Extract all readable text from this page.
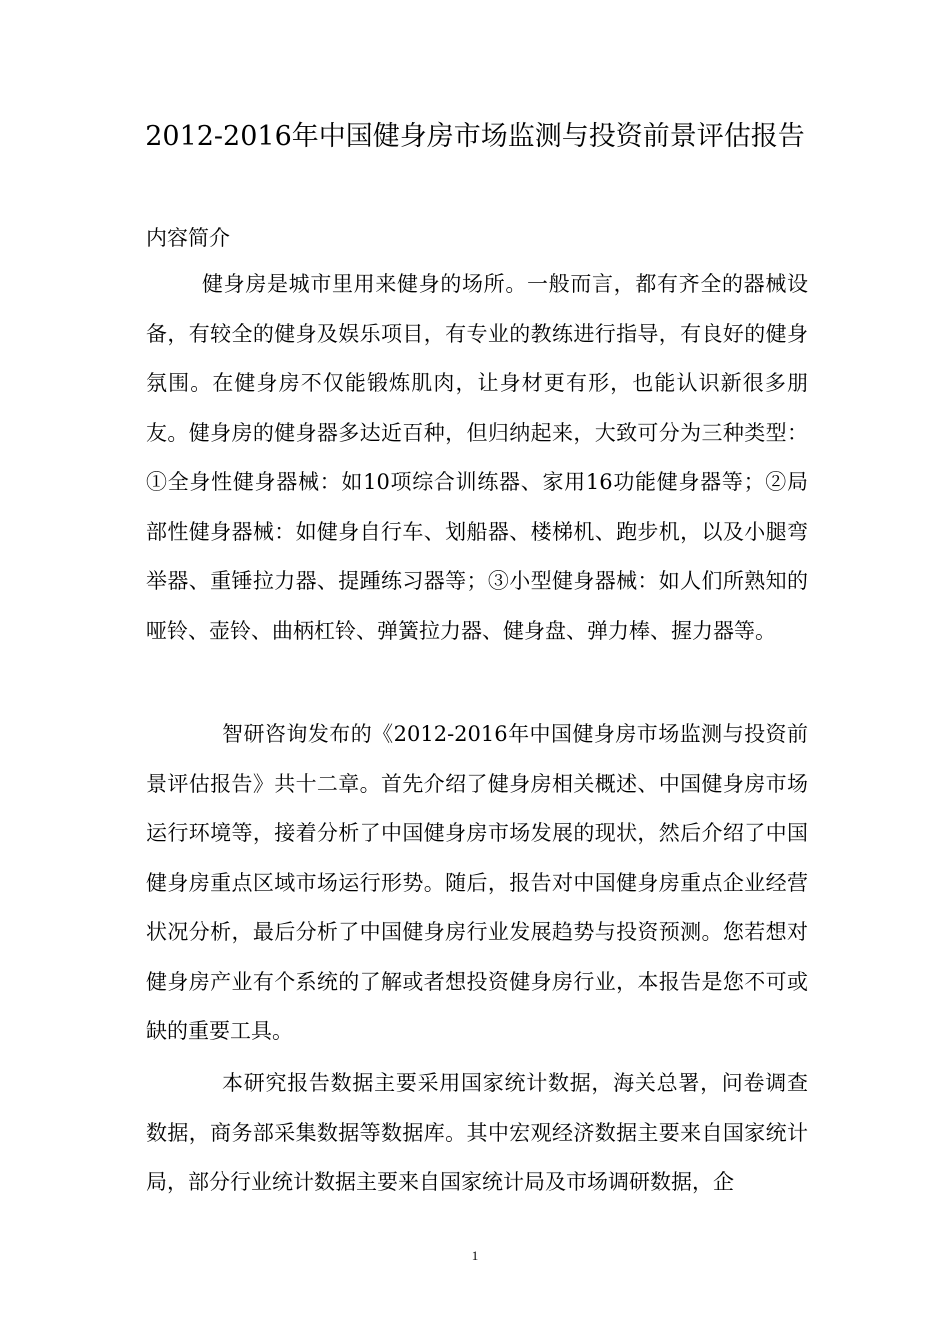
2012-2016年中国健身房市场监测与投资前景评估报告
内容简介

健身房是城市里用来健身的场所。一般而言，都有齐全的器械设备，有较全的健身及娱乐项目，有专业的教练进行指导，有良好的健身氛围。在健身房不仅能锻炼肌肉，让身材更有形，也能认识新很多朋友。健身房的健身器多达近百种，但归纳起来，大致可分为三种类型：①全身性健身器械：如10项综合训练器、家用16功能健身器等；②局部性健身器械：如健身自行车、划船器、楼梯机、跑步机，以及小腿弯举器、重锤拉力器、提踵练习器等；③小型健身器械：如人们所熟知的哑铃、壶铃、曲柄杠铃、弹簧拉力器、健身盘、弹力棒、握力器等。

智研咨询发布的《2012-2016年中国健身房市场监测与投资前景评估报告》共十二章。首先介绍了健身房相关概述、中国健身房市场运行环境等，接着分析了中国健身房市场发展的现状，然后介绍了中国健身房重点区域市场运行形势。随后，报告对中国健身房重点企业经营状况分析，最后分析了中国健身房行业发展趋势与投资预测。您若想对健身房产业有个系统的了解或者想投资健身房行业，本报告是您不可或缺的重要工具。

本研究报告数据主要采用国家统计数据，海关总署，问卷调查数据，商务部采集数据等数据库。其中宏观经济数据主要来自国家统计局，部分行业统计数据主要来自国家统计局及市场调研数据，企

1
